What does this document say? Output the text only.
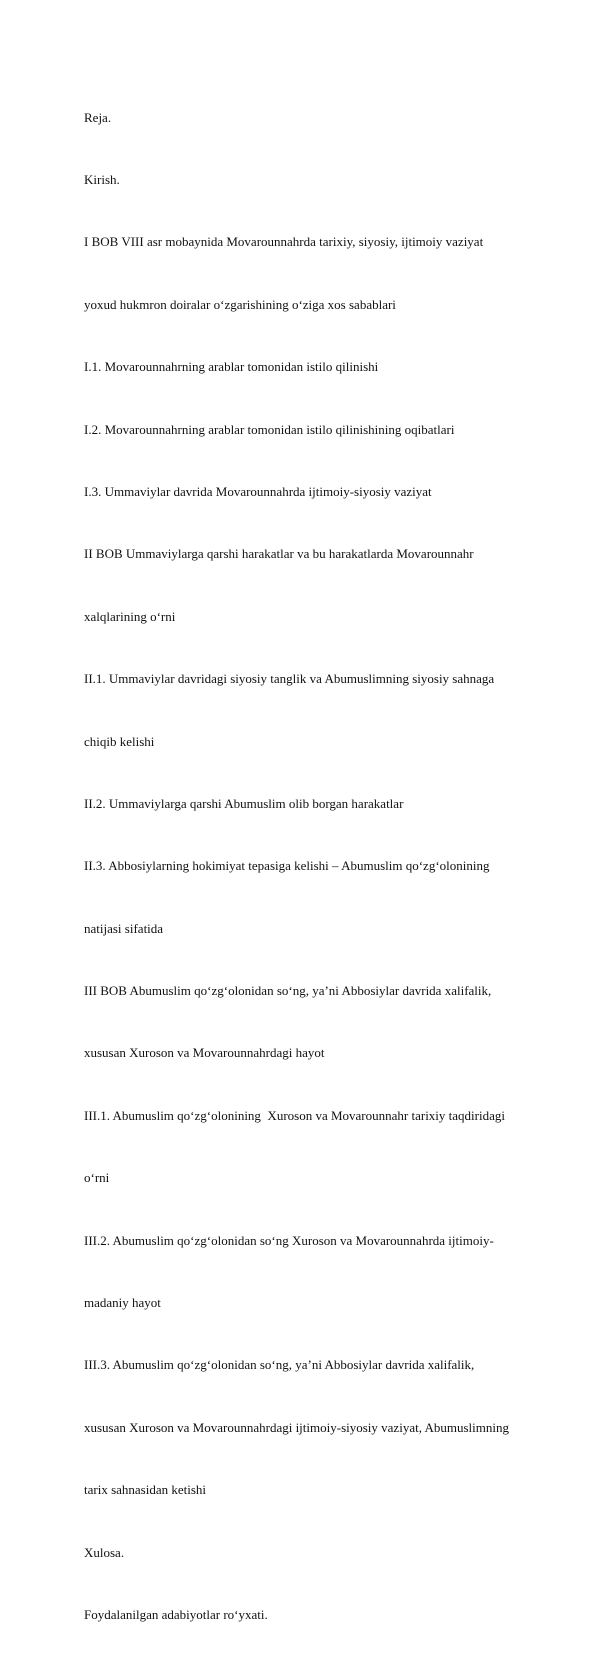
Reja.

Kirish.

I BOB VIII asr mobaynida Movarounnahrda tarixiy, siyosiy, ijtimoiy vaziyat

yoxud hukmron doiralar o‘zgarishining o‘ziga xos sabablari

I.1. Movarounnahrning arablar tomonidan istilo qilinishi

I.2. Movarounnahrning arablar tomonidan istilo qilinishining oqibatlari

I.3. Ummaviylar davrida Movarounnahrda ijtimoiy-siyosiy vaziyat

II BOB Ummaviylarga qarshi harakatlar va bu harakatlarda Movarounnahr

xalqlarining o‘rni

II.1. Ummaviylar davridagi siyosiy tanglik va Abumuslimning siyosiy sahnaga

chiqib kelishi

II.2. Ummaviylarga qarshi Abumuslim olib borgan harakatlar

II.3. Abbosiylarning hokimiyat tepasiga kelishi – Abumuslim qo‘zg‘olonining

natijasi sifatida

III BOB Abumuslim qo‘zg‘olonidan so‘ng, ya’ni Abbosiylar davrida xalifalik,

xususan Xuroson va Movarounnahrdagi hayot

III.1. Abumuslim qo‘zg‘olonining  Xuroson va Movarounnahr tarixiy taqdiridagi

o‘rni

III.2. Abumuslim qo‘zg‘olonidan so‘ng Xuroson va Movarounnahrda ijtimoiy-

madaniy hayot

III.3. Abumuslim qo‘zg‘olonidan so‘ng, ya’ni Abbosiylar davrida xalifalik,

xususan Xuroson va Movarounnahrdagi ijtimoiy-siyosiy vaziyat, Abumuslimning

tarix sahnasidan ketishi

Xulosa.

Foydalanilgan adabiyotlar ro‘yxati.
